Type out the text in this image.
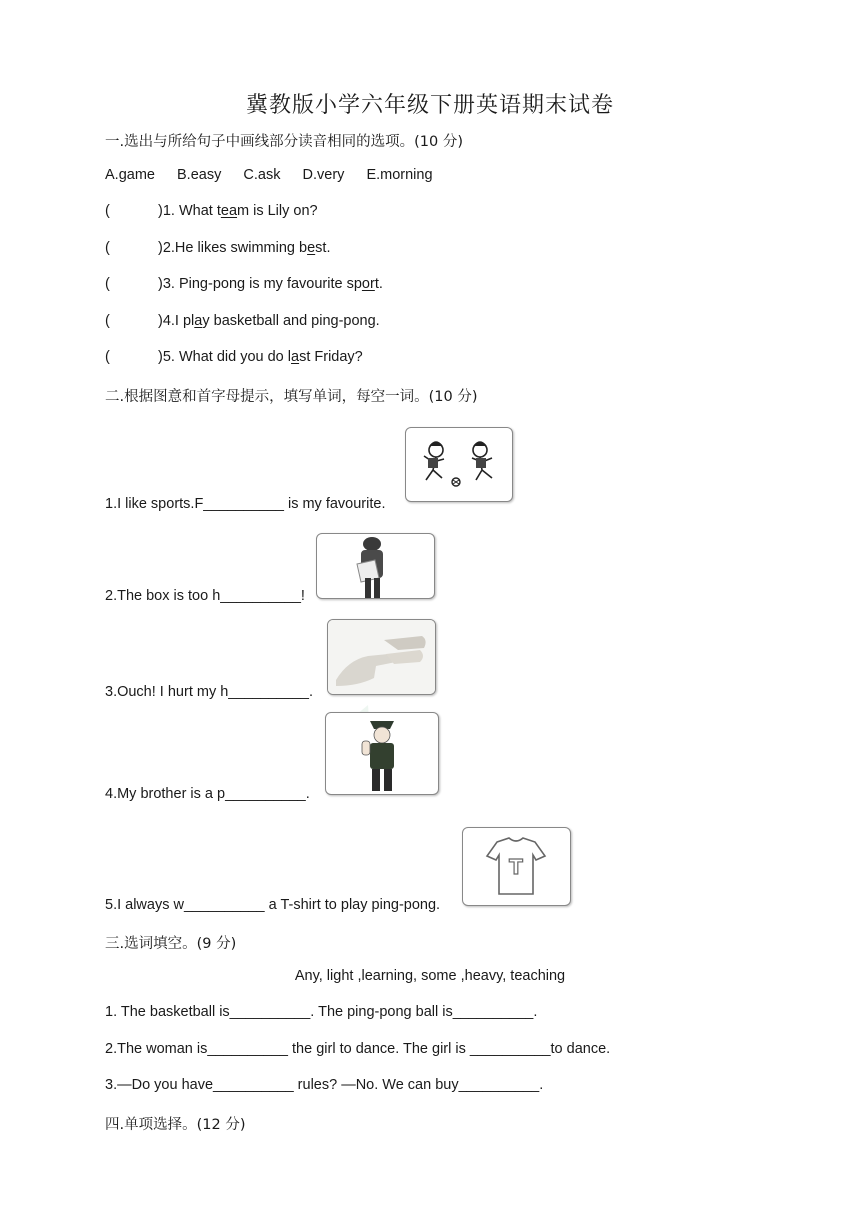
冀教版小学六年级下册英语期末试卷
一.选出与所给句子中画线部分读音相同的选项。(10 分)
A.game B.easy C.ask D.very E.morning
(	)1. What team is Lily on?
(	)2.He likes swimming best.
(	)3. Ping-pong is my favourite sport.
(	)4.I play basketball and ping-pong.
(	)5. What did you do last Friday?
二.根据图意和首字母提示，填写单词，每空一词。(10 分)
1.I like sports.F__________ is my favourite.
2.The box is too h__________!
3.Ouch! I hurt my h__________.
4.My brother is a p__________.
T
5.I always w__________ a T-shirt to play ping-pong.
三.选词填空。(9 分)
Any, light ,learning, some ,heavy, teaching
1. The basketball is__________. The ping-pong ball is__________.
2.The woman is__________ the girl to dance. The girl is __________to dance.
3.—Do you have__________ rules? —No. We can buy__________.
四.单项选择。(12 分)
